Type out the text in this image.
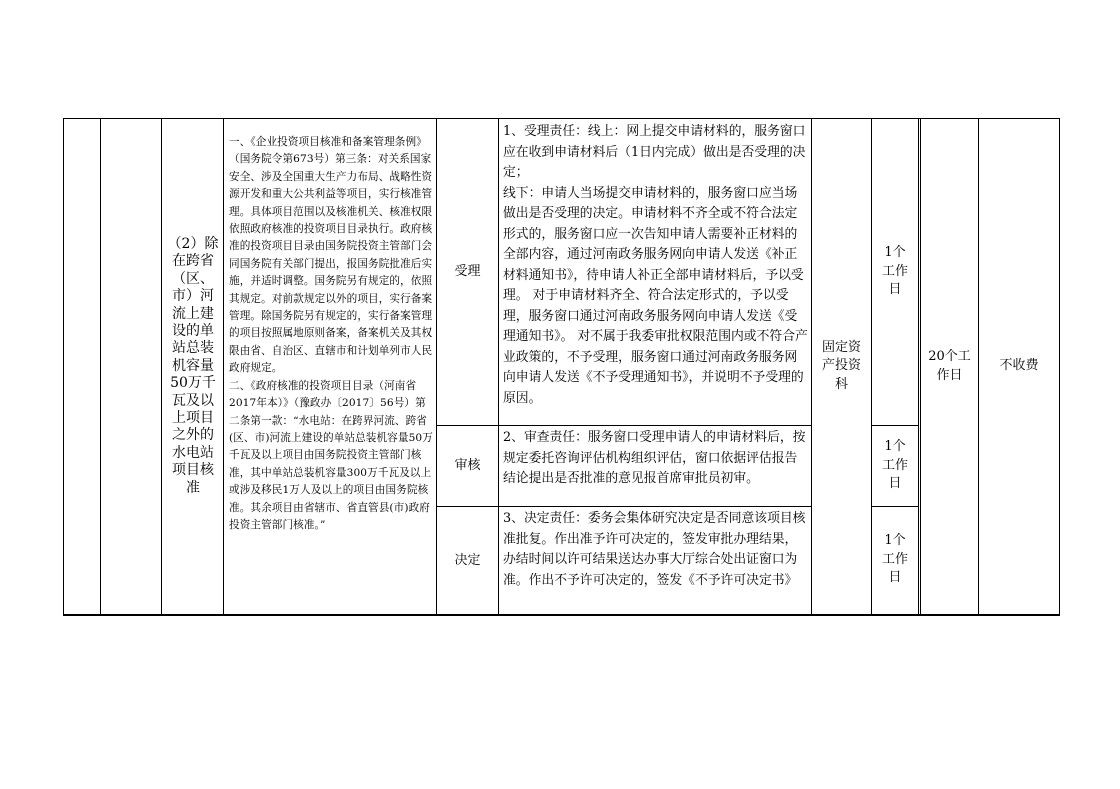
（2）除在跨省（区、市）河流上建设的单站总装机容量50万千瓦及以上项目之外的水电站项目核准
一、《企业投资项目核准和备案管理条例》（国务院令第673号）第三条：对关系国家安全、涉及全国重大生产力布局、战略性资源开发和重大公共利益等项目，实行核准管理。具体项目范围以及核准机关、核准权限依照政府核准的投资项目目录执行。政府核准的投资项目目录由国务院投资主管部门会同国务院有关部门提出，报国务院批准后实施，并适时调整。国务院另有规定的，依照其规定。对前款规定以外的项目，实行备案管理。除国务院另有规定的，实行备案管理的项目按照属地原则备案，备案机关及其权限由省、自治区、直辖市和计划单列市人民政府规定。
二、《政府核准的投资项目目录（河南省2017年本）》（豫政办〔2017〕56号）第二条第一款：“水电站：在跨界河流、跨省(区、市)河流上建设的单站总装机容量50万千瓦及以上项目由国务院投资主管部门核准，其中单站总装机容量300万千瓦及以上或涉及移民1万人及以上的项目由国务院核准。其余项目由省辖市、省直管县(市)政府投资主管部门核准。”
受理
审核
决定
1、受理责任：线上：网上提交申请材料的，服务窗口应在收到申请材料后（1日内完成）做出是否受理的决定；
线下：申请人当场提交申请材料的，服务窗口应当场做出是否受理的决定。申请材料不齐全或不符合法定形式的，服务窗口应一次告知申请人需要补正材料的全部内容，通过河南政务服务网向申请人发送《补正材料通知书》，待申请人补正全部申请材料后，予以受理。 对于申请材料齐全、符合法定形式的，予以受理，服务窗口通过河南政务服务网向申请人发送《受理通知书》。 对不属于我委审批权限范围内或不符合产业政策的，不予受理，服务窗口通过河南政务服务网向申请人发送《不予受理通知书》，并说明不予受理的原因。
2、审查责任：服务窗口受理申请人的申请材料后，按规定委托咨询评估机构组织评估，窗口依据评估报告结论提出是否批准的意见报首席审批员初审。
3、决定责任：委务会集体研究决定是否同意该项目核准批复。作出准予许可决定的，签发审批办理结果，办结时间以许可结果送达办事大厅综合处出证窗口为准。作出不予许可决定的，签发《不予许可决定书》
固定资
产投资
科
1个
工作
日
1个
工作
日
1个
工作
日
20个工
作日
不收费
